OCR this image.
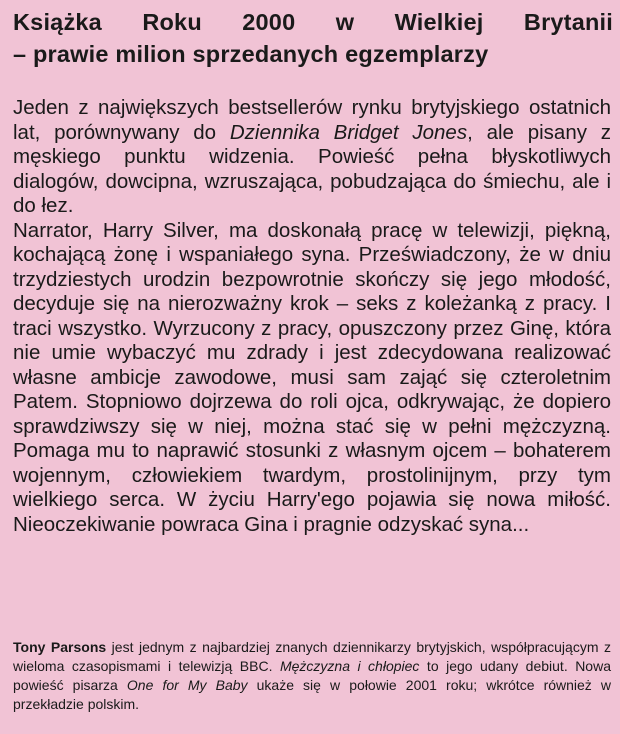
Książka Roku 2000 w Wielkiej Brytanii
– prawie milion sprzedanych egzemplarzy

Jeden z największych bestsellerów rynku brytyjskiego ostatnich lat, porównywany do Dziennika Bridget Jones, ale pisany z męskiego punktu widzenia. Powieść pełna błyskotliwych dialogów, dowcipna, wzruszająca, pobudzająca do śmiechu, ale i do łez.

Narrator, Harry Silver, ma doskonałą pracę w telewizji, piękną, kochającą żonę i wspaniałego syna. Przeświadczony, że w dniu trzydziestych urodzin bezpowrotnie skończy się jego młodość, decyduje się na nierozważny krok – seks z koleżanką z pracy. I traci wszystko. Wyrzucony z pracy, opuszczony przez Ginę, która nie umie wybaczyć mu zdrady i jest zdecydowana realizować własne ambicje zawodowe, musi sam zająć się czteroletnim Patem. Stopniowo dojrzewa do roli ojca, odkrywając, że dopiero sprawdziwszy się w niej, można stać się w pełni mężczyzną. Pomaga mu to naprawić stosunki z własnym ojcem – bohaterem wojennym, człowiekiem twardym, prostolinijnym, przy tym wielkiego serca. W życiu Harry'ego pojawia się nowa miłość. Nieoczekiwanie powraca Gina i pragnie odzyskać syna...

Tony Parsons jest jednym z najbardziej znanych dziennikarzy brytyjskich, współpracującym z wieloma czasopismami i telewizją BBC. Mężczyzna i chłopiec to jego udany debiut. Nowa powieść pisarza One for My Baby ukaże się w połowie 2001 roku; wkrótce również w przekładzie polskim.
